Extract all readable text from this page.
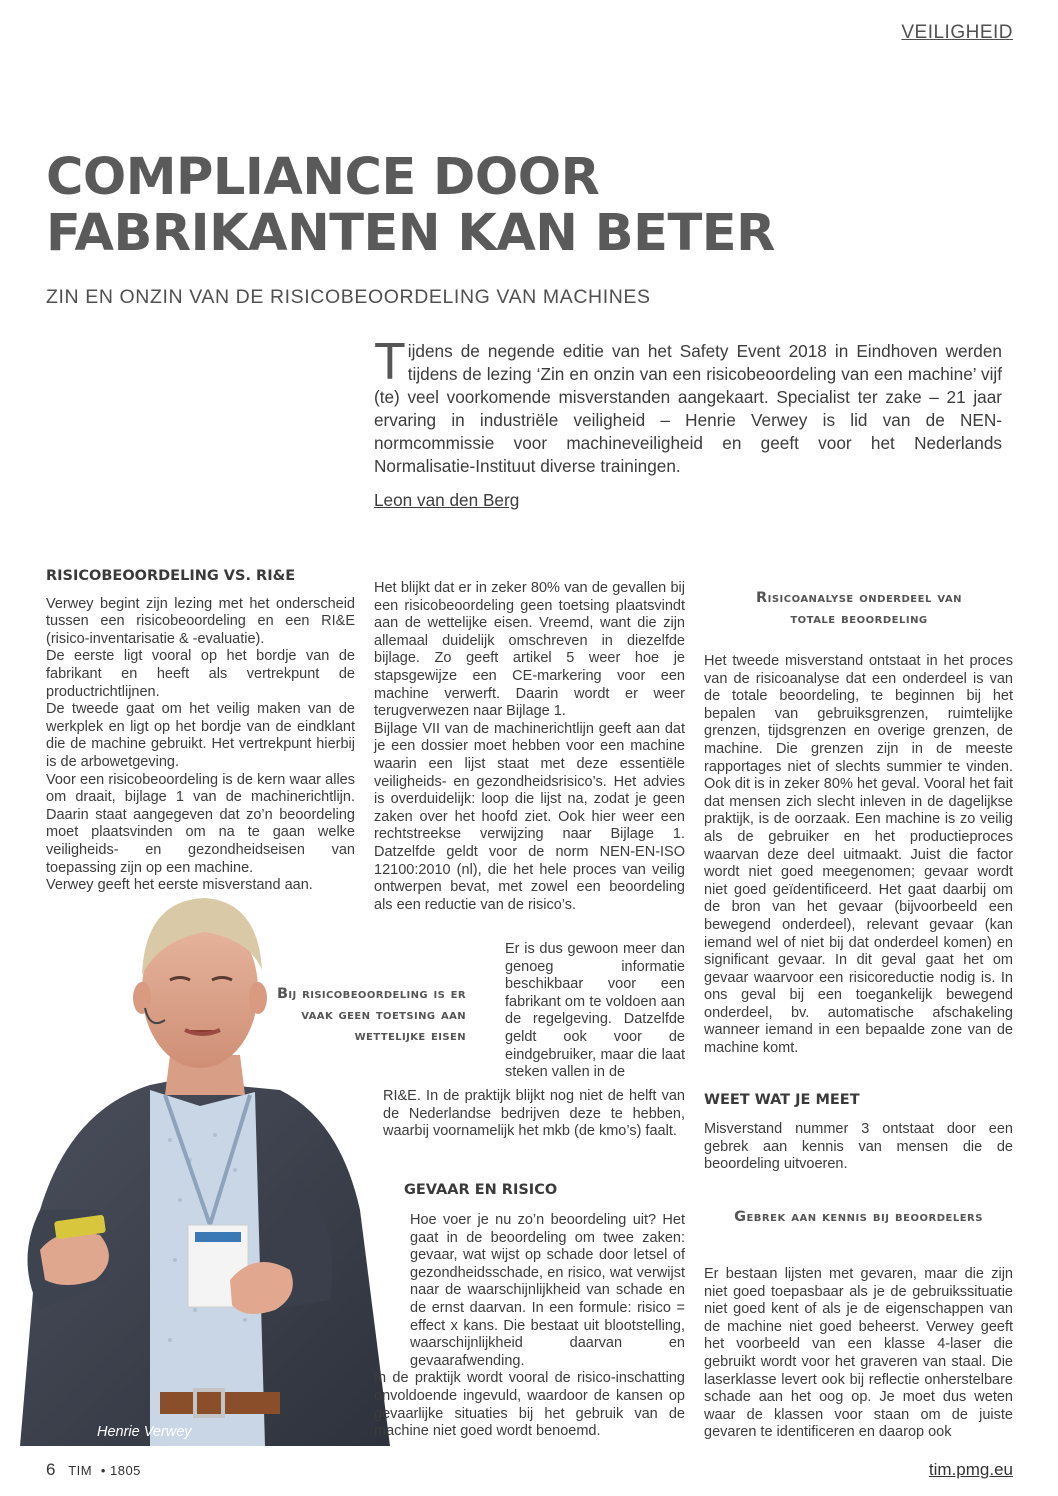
VEILIGHEID
COMPLIANCE DOOR
FABRIKANTEN KAN BETER
ZIN EN ONZIN VAN DE RISICOBEOORDELING VAN MACHINES

Tijdens de negende editie van het Safety Event 2018 in Eindhoven werden tijdens de lezing ‘Zin en onzin van een risicobeoordeling van een machine’ vijf (te) veel voorkomende misverstanden aangekaart. Specialist ter zake – 21 jaar ervaring in industriële veiligheid – Henrie Verwey is lid van de NEN-normcommissie voor machineveiligheid en geeft voor het Nederlands Normalisatie-Instituut diverse trainingen.

Leon van den Berg
RISICOBEOORDELING VS. RI&E

Verwey begint zijn lezing met het onderscheid tussen een risicobeoordeling en een RI&E (risico-inventarisatie & -evaluatie).

De eerste ligt vooral op het bordje van de fabrikant en heeft als vertrekpunt de productrichtlijnen.

De tweede gaat om het veilig maken van de werkplek en ligt op het bordje van de eindklant die de machine gebruikt. Het vertrekpunt hierbij is de arbowetgeving.

Voor een risicobeoordeling is de kern waar alles om draait, bijlage 1 van de machinerichtlijn. Daarin staat aangegeven dat zo’n beoordeling moet plaatsvinden om na te gaan welke veiligheids- en gezondheidseisen van toepassing zijn op een machine.

Verwey geeft het eerste misverstand aan.

Henrie Verwey
Bij risicobeoordeling is er vaak geen toetsing aan wettelijke eisen

Het blijkt dat er in zeker 80% van de gevallen bij een risicobeoordeling geen toetsing plaatsvindt aan de wettelijke eisen. Vreemd, want die zijn allemaal duidelijk omschreven in diezelfde bijlage. Zo geeft artikel 5 weer hoe je stapsgewijze een CE-markering voor een machine verwerft. Daarin wordt er weer terugverwezen naar Bijlage 1.

Bijlage VII van de machinerichtlijn geeft aan dat je een dossier moet hebben voor een machine waarin een lijst staat met deze essentiële veiligheids- en gezondheidsrisico’s. Het advies is overduidelijk: loop die lijst na, zodat je geen zaken over het hoofd ziet. Ook hier weer een rechtstreekse verwijzing naar Bijlage 1. Datzelfde geldt voor de norm NEN-EN-ISO 12100:2010 (nl), die het hele proces van veilig ontwerpen bevat, met zowel een beoordeling als een reductie van de risico’s.

Er is dus gewoon meer dan genoeg informatie beschikbaar voor een fabrikant om te voldoen aan de regelgeving. Datzelfde geldt ook voor de eindgebruiker, maar die laat steken vallen in de

RI&E. In de praktijk blijkt nog niet de helft van de Nederlandse bedrijven deze te hebben, waarbij voornamelijk het mkb (de kmo’s) faalt.

GEVAAR EN RISICO

Hoe voer je nu zo’n beoordeling uit? Het gaat in de beoordeling om twee zaken: gevaar, wat wijst op schade door letsel of gezondheidsschade, en risico, wat verwijst naar de waarschijnlijkheid van schade en de ernst daarvan. In een formule: risico = effect x kans. Die bestaat uit blootstelling, waarschijnlijkheid daarvan en gevaarafwending.

In de praktijk wordt vooral de risico-inschatting onvoldoende ingevuld, waardoor de kansen op gevaarlijke situaties bij het gebruik van de machine niet goed wordt benoemd.

Risicoanalyse onderdeel van totale beoordeling

Het tweede misverstand ontstaat in het proces van de risicoanalyse dat een onderdeel is van de totale beoordeling, te beginnen bij het bepalen van gebruiksgrenzen, ruimtelijke grenzen, tijdsgrenzen en overige grenzen, de machine. Die grenzen zijn in de meeste rapportages niet of slechts summier te vinden. Ook dit is in zeker 80% het geval. Vooral het fait dat mensen zich slecht inleven in de dagelijkse praktijk, is de oorzaak. Een machine is zo veilig als de gebruiker en het productieproces waarvan deze deel uitmaakt. Juist die factor wordt niet goed meegenomen; gevaar wordt niet goed geïdentificeerd. Het gaat daarbij om de bron van het gevaar (bijvoorbeeld een bewegend onderdeel), relevant gevaar (kan iemand wel of niet bij dat onderdeel komen) en significant gevaar. In dit geval gaat het om gevaar waarvoor een risicoreductie nodig is. In ons geval bij een toegankelijk bewegend onderdeel, bv. automatische afschakeling wanneer iemand in een bepaalde zone van de machine komt.

WEET WAT JE MEET

Misverstand nummer 3 ontstaat door een gebrek aan kennis van mensen die de beoordeling uitvoeren.

Gebrek aan kennis bij beoordelers

Er bestaan lijsten met gevaren, maar die zijn niet goed toepasbaar als je de gebruikssituatie niet goed kent of als je de eigenschappen van de machine niet goed beheerst. Verwey geeft het voorbeeld van een klasse 4-laser die gebruikt wordt voor het graveren van staal. Die laserklasse levert ook bij reflectie onherstelbare schade aan het oog op. Je moet dus weten waar de klassen voor staan om de juiste gevaren te identificeren en daarop ook

6 TIM • 1805	tim.pmg.eu
